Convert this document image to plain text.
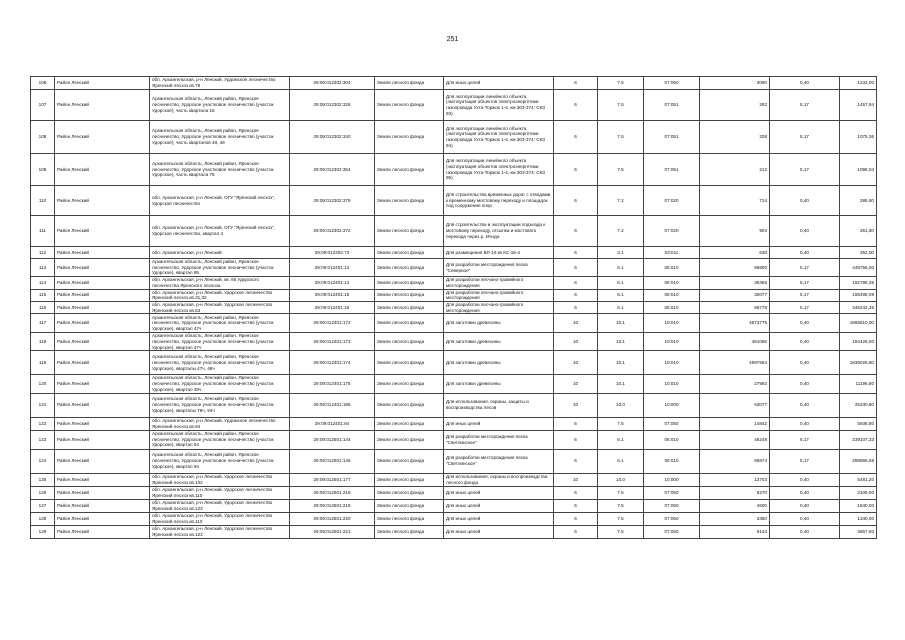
251
106	Район Ленский	обл. Архангельская, р-н Ленский, Урдомское лесничество Яренский лесхоз кв.78	29:09:012302:304	Земли лесного фонда	Для иных целей	6	7.5	07:050	3080	0,40	1232,00
107	Район Ленский	Архангельская область, Ленский район, Яренское лесничество, Удорское участковое лесничество (участок Удорское), часть квартала 15	29:09:012302:326	Земли лесного фонда	Для эксплуатации линейного объекта (эксплуатация объектов электроэнергетики газопровода Ухта-Торжок 1-4, км 303-374: СКЗ 93)	6	7.5	07:051	282	5,17	1457,94
108	Район Ленский	Архангельская область, Ленский район, Яренское лесничество, Удорское участковое лесничество (участок Удорское), часть кварталов 48, 49	29:09:012302:340	Земли лесного фонда	Для эксплуатации линейного объекта (эксплуатация объектов электроэнергетики газопровода Ухта-Торжок 1-4, км 303-374: СКЗ 94)	6	7.5	07:051	208	5,17	1075,36
109	Район Ленский	Архангельская область, Ленский район, Яренское лесничество, Удорское участковое лесничество (участок Удорское), часть квартала 76	29:09:012302:354	Земли лесного фонда	Для эксплуатации линейного объекта (эксплуатация объектов электроэнергетики газопровода Ухта-Торжок 1-4, км 303-374: СКЗ 95)	6	7.5	07:051	212	5,17	1096,04
110	Район Ленский	обл. Архангельская, р-н Ленский, ОГУ "Яренский лесхоз", Удорское лесничество	29:09:012302:379	Земли лесного фонда	Для строительства временных дорог с отводами к временному мостовому переходу и площадок под сооружение опор	6	7.2	07:020	714	0,40	285,60
111	Район Ленский	обл. Архангельская, р-н Ленский, ОГУ "Яренский лесхоз", Удорское лесничество, квартал 4	29:09:012302:372	Земли лесного фонда	Для строительства и эксплуатации подъезда к мостовому переходу, отсыпка и мостового перехода через р. Ичнда	6	7.2	07:020	904	0,40	361,60
112	Район Ленский	обл. Архангельская, р-н Ленский	29:09:012302:73	Земли лесного фонда	Для размещения ВЛ-10 кв КС-15-4	6	3.1	03:011	630	0,40	252,00
113	Район Ленский	Архангельская область, Ленский район, Яренское лесничество, Удорское участковое лесничество (участок Удорское), квартал 95	29:09:012401:13	Земли лесного фонда	Для разработки месторождения песка "Северное"	6	6.1	06:010	86800	5,17	448756,00
114	Район Ленский	обл. Архангельская, р-н Ленский, кв. 80 Удорского лесничества Яренского лесхоза	29:09:012401:14	Земли лесного фонда	Для разработки песчано-гравийного месторождения	6	6.1	06:010	35355	5,17	182785,35
115	Район Ленский	обл. Архангельская, р-н Ленский, Удорское лесничество Яренский лесхоз кв.31,32	29:09:012401:15	Земли лесного фонда	Для разработки песчано-гравийного месторождения	6	6.1	06:010	30077	5,17	155498,09
116	Район Ленский	обл. Архангельская, р-н Ленский, Удорское лесничество Яренский лесхоз кв.53	29:09:012401:16	Земли лесного фонда	Для разработки песчано-гравийного месторождения	6	6.1	06:010	66778	5,17	345242,26
117	Район Ленский	Архангельская область, Ленский район, Яренское лесничество, Удорское участковое лесничество (участок Удорское), квартал 47ч	29:09:012401:172	Земли лесного фонда	Для заготовки древесины	10	10.1	10:010	4673775	0,40	1869510,00
118	Район Ленский	Архангельская область, Ленский район, Яренское лесничество, Удорское участковое лесничество (участок Удорское), квартал 47ч	29:09:012401:173	Земли лесного фонда	Для заготовки древесины	10	10.1	10:010	461065	0,40	184426,00
119	Район Ленский	Архангельская область, Ленский район, Яренское лесничество, Удорское участковое лесничество (участок Удорское), кварталы 47ч, 48ч	29:09:012401:174	Земли лесного фонда	Для заготовки древесины	10	10.1	10:010	4597564	0,40	1839025,60
120	Район Ленский	Архангельская область, Ленский район, Яренское лесничество, Удорское участковое лесничество (участок Удорское), квартал 48ч	29:09:012401:175	Земли лесного фонда	Для заготовки древесины	10	10.1	10:010	27992	0,40	11196,80
121	Район Ленский	Архангельская область, Ленский район, Яренское лесничество, Удорское участковое лесничество (участок Удорское), кварталы 78ч, 94ч	29:09:012401:185	Земли лесного фонда	Для использования, охраны, защиты и воспроизводства лесов	10	10.0	10:000	63077	0,40	25230,80
122	Район Ленский	обл. Архангельская, р-н Ленский, Урдомское лесничество Яренский лесхоз кв.94	29:09:012401:84	Земли лесного фонда	Для иных целей	6	7.5	07:050	14842	0,40	5936,80
123	Район Ленский	Архангельская область, Ленский район, Яренское лесничество, Удорское участковое лесничество (участок Удорское), квартал 64	29:09:012501:144	Земли лесного фонда	Для разработки месторождения песка "Светлинское"	6	6.1	06:010	46249	5,17	239107,33
124	Район Ленский	Архангельская область, Ленский район, Яренское лесничество, Удорское участковое лесничество (участок Удорское), квартал 94	29:09:012501:145	Земли лесного фонда	Для разработки месторождения песка "Светлинское"	6	6.1	06:010	55874	5,17	288868,58
125	Район Ленский	обл. Архангельская, р-н Ленский, Удорское лесничество Яренский лесхоз кв.102	29:09:012501:177	Земли лесного фонда	Для использования, охраны и воспроизводства лесного фонда	10	10.0	10:000	13703	0,40	5481,20
126	Район Ленский	обл. Архангельская, р-н Ленский, Удорское лесничество Яренский лесхоз кв.110	29:09:012501:218	Земли лесного фонда	Для иных целей	6	7.5	07:050	5270	0,40	2108,00
127	Район Ленский	обл. Архангельская, р-н Ленский, Удорское лесничество Яренский лесхоз кв.123	29:09:012501:219	Земли лесного фонда	Для иных целей	6	7.5	07:050	4600	0,40	1840,00
128	Район Ленский	обл. Архангельская, р-н Ленский, Удорское лесничество Яренский лесхоз кв.110	29:09:012501:220	Земли лесного фонда	Для иных целей	6	7.5	07:050	3350	0,40	1340,00
129	Район Ленский	обл. Архангельская, р-н Ленский, Удорское лесничество Яренский лесхоз кв.123	29:09:012501:221	Земли лесного фонда	Для иных целей	6	7.5	07:050	9144	0,40	3657,60
